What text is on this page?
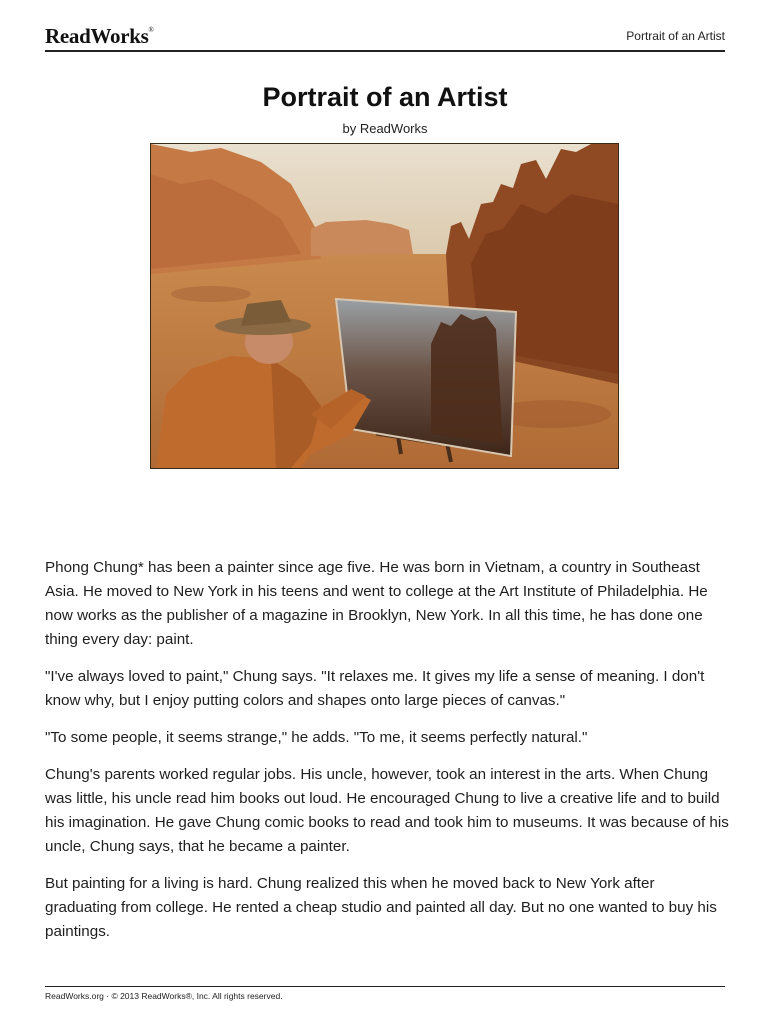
ReadWorks®	Portrait of an Artist
Portrait of an Artist
by ReadWorks

Phong Chung* has been a painter since age five. He was born in Vietnam, a country in Southeast Asia. He moved to New York in his teens and went to college at the Art Institute of Philadelphia. He now works as the publisher of a magazine in Brooklyn, New York. In all this time, he has done one thing every day: paint.

"I've always loved to paint," Chung says. "It relaxes me. It gives my life a sense of meaning. I don't know why, but I enjoy putting colors and shapes onto large pieces of canvas."

"To some people, it seems strange," he adds. "To me, it seems perfectly natural."

Chung's parents worked regular jobs. His uncle, however, took an interest in the arts. When Chung was little, his uncle read him books out loud. He encouraged Chung to live a creative life and to build his imagination. He gave Chung comic books to read and took him to museums. It was because of his uncle, Chung says, that he became a painter.

But painting for a living is hard. Chung realized this when he moved back to New York after graduating from college. He rented a cheap studio and painted all day. But no one wanted to buy his paintings.

ReadWorks.org · © 2013 ReadWorks®, Inc. All rights reserved.
